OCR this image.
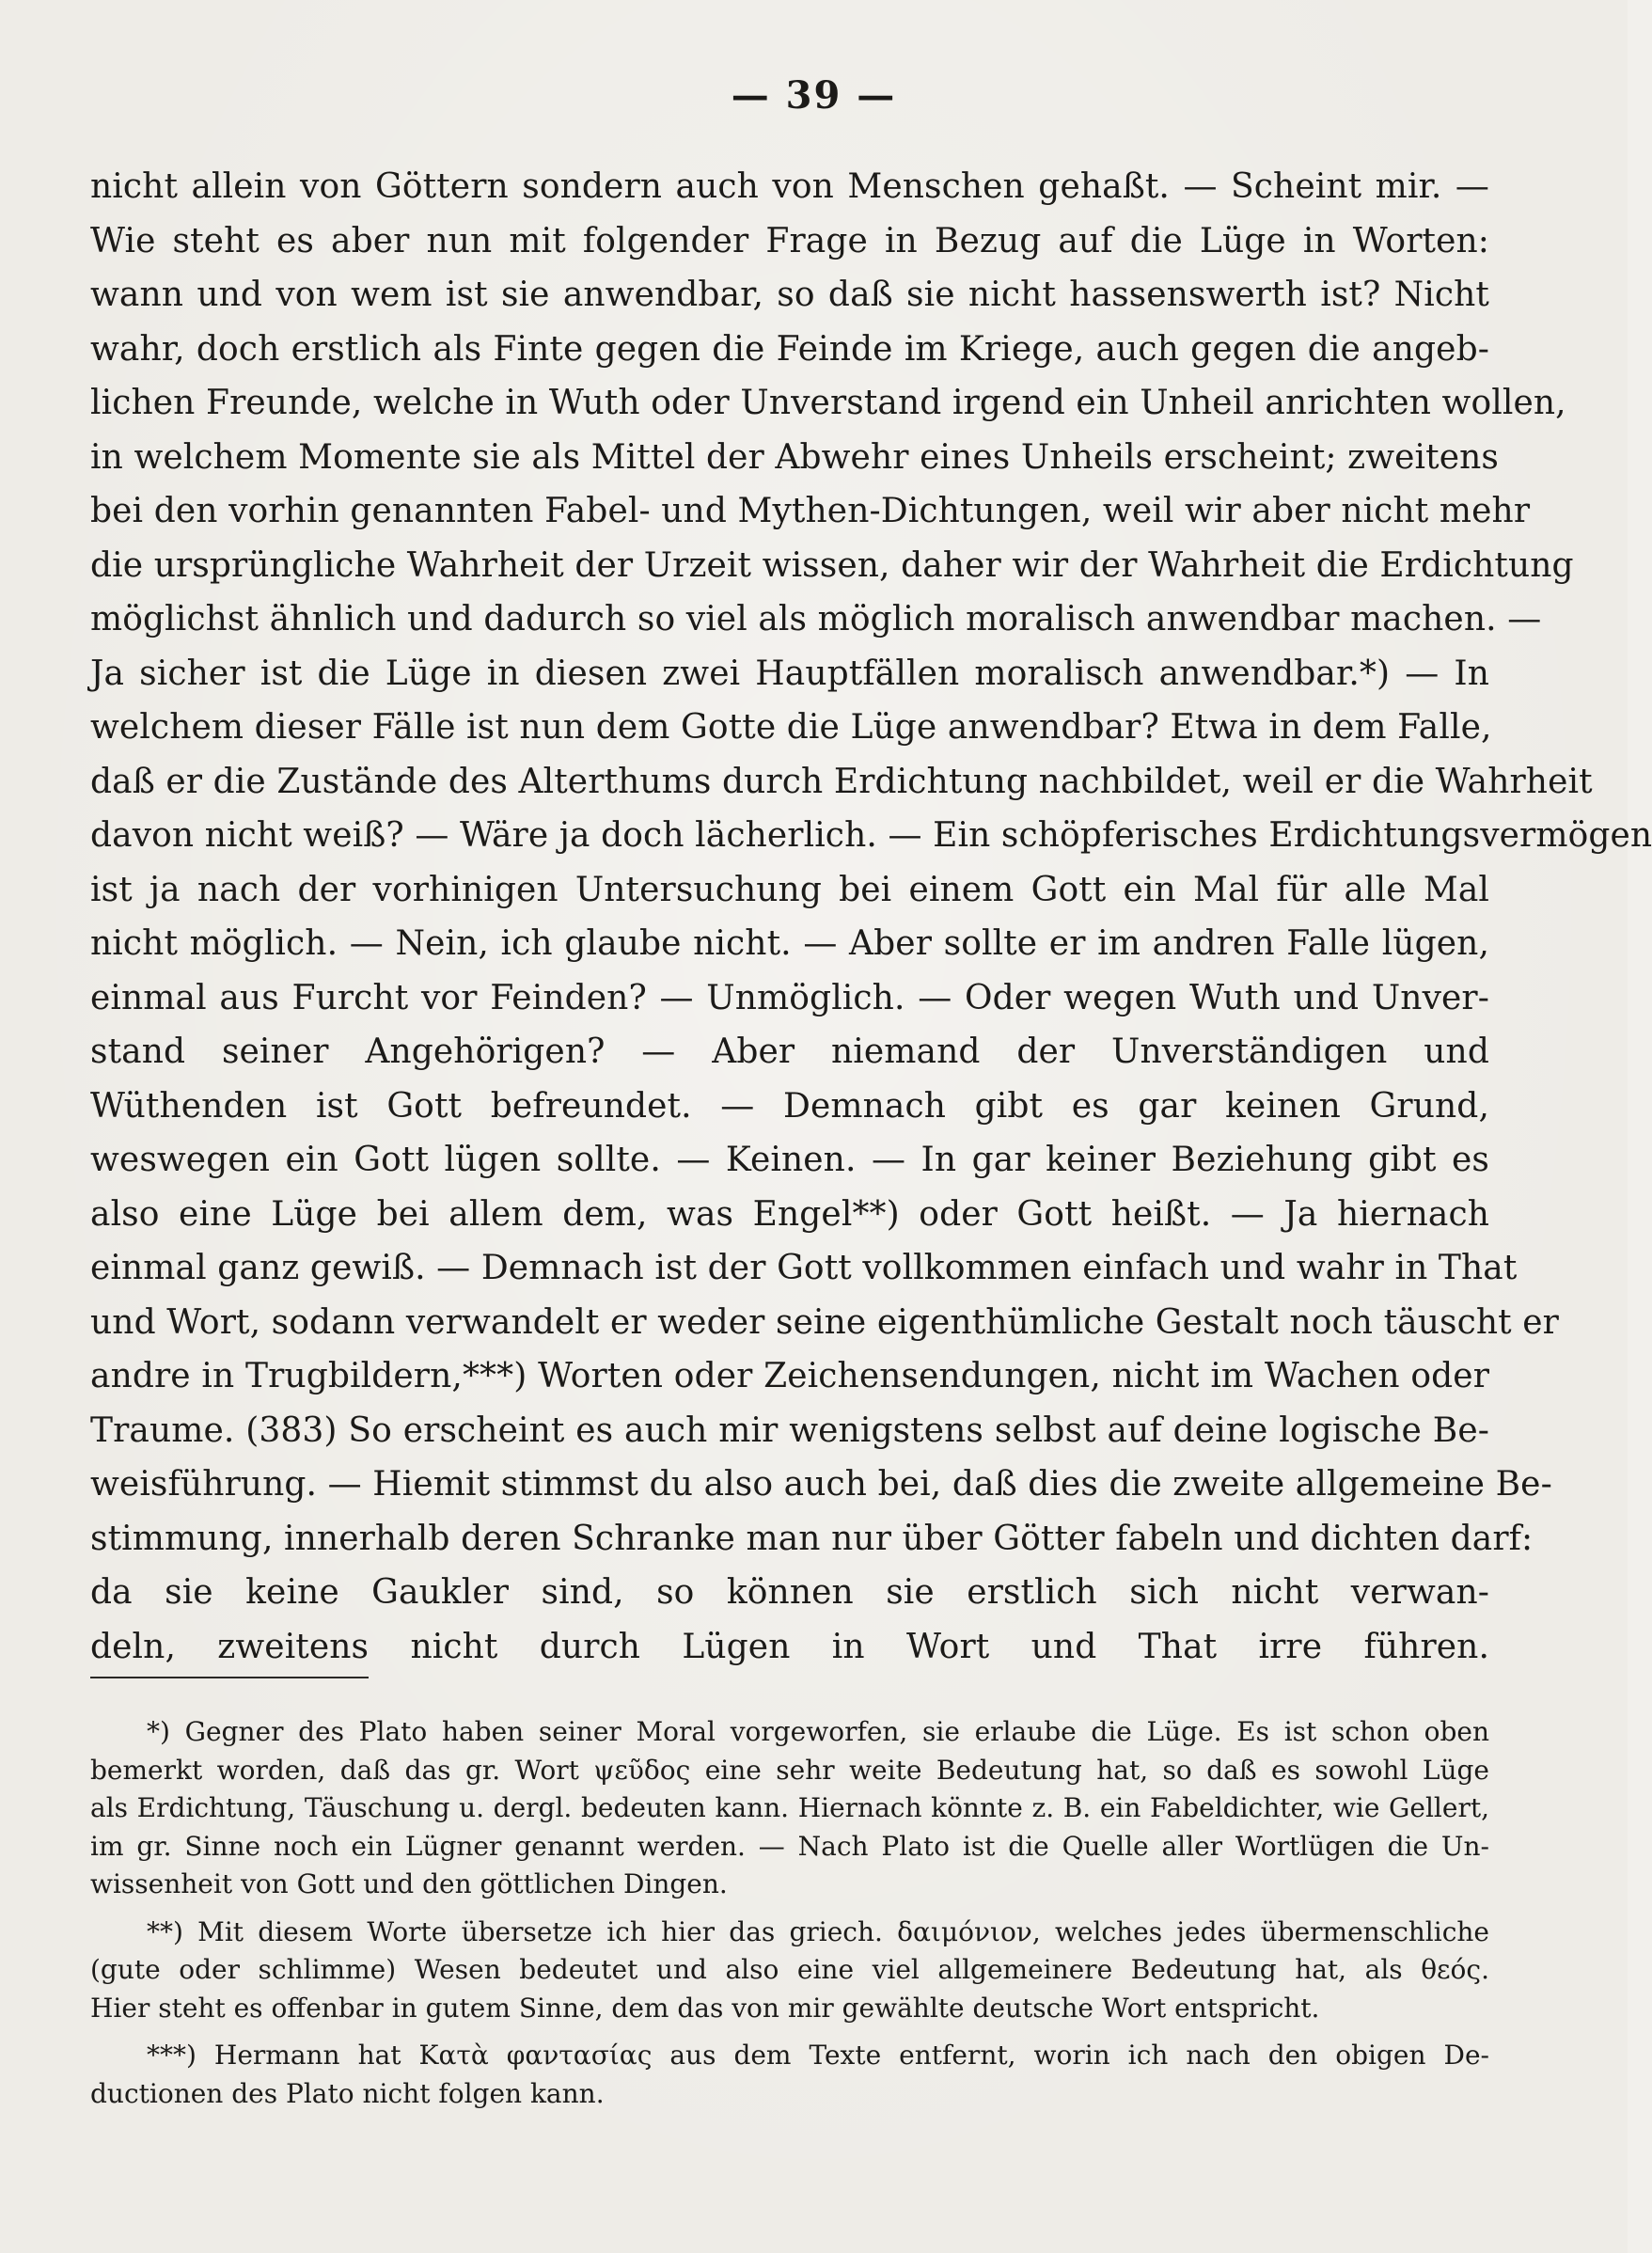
— 39 —
nicht allein von Göttern sondern auch von Menschen gehaßt. — Scheint mir. —
Wie steht es aber nun mit folgender Frage in Bezug auf die Lüge in Worten:
wann und von wem ist sie anwendbar, so daß sie nicht hassenswerth ist? Nicht
wahr, doch erstlich als Finte gegen die Feinde im Kriege, auch gegen die angeb-
lichen Freunde, welche in Wuth oder Unverstand irgend ein Unheil anrichten wollen,
in welchem Momente sie als Mittel der Abwehr eines Unheils erscheint; zweitens
bei den vorhin genannten Fabel- und Mythen-Dichtungen, weil wir aber nicht mehr
die ursprüngliche Wahrheit der Urzeit wissen, daher wir der Wahrheit die Erdichtung
möglichst ähnlich und dadurch so viel als möglich moralisch anwendbar machen. —
Ja sicher ist die Lüge in diesen zwei Hauptfällen moralisch anwendbar.*) — In
welchem dieser Fälle ist nun dem Gotte die Lüge anwendbar? Etwa in dem Falle,
daß er die Zustände des Alterthums durch Erdichtung nachbildet, weil er die Wahrheit
davon nicht weiß? — Wäre ja doch lächerlich. — Ein schöpferisches Erdichtungsvermögen
ist ja nach der vorhinigen Untersuchung bei einem Gott ein Mal für alle Mal
nicht möglich. — Nein, ich glaube nicht. — Aber sollte er im andren Falle lügen,
einmal aus Furcht vor Feinden? — Unmöglich. — Oder wegen Wuth und Unver-
stand seiner Angehörigen? — Aber niemand der Unverständigen und
Wüthenden ist Gott befreundet. — Demnach gibt es gar keinen Grund,
weswegen ein Gott lügen sollte. — Keinen. — In gar keiner Beziehung gibt es
also eine Lüge bei allem dem, was Engel**) oder Gott heißt. — Ja hiernach
einmal ganz gewiß. — Demnach ist der Gott vollkommen einfach und wahr in That
und Wort, sodann verwandelt er weder seine eigenthümliche Gestalt noch täuscht er
andre in Trugbildern,***) Worten oder Zeichensendungen, nicht im Wachen oder
Traume. (383) So erscheint es auch mir wenigstens selbst auf deine logische Be-
weisführung. — Hiemit stimmst du also auch bei, daß dies die zweite allgemeine Be-
stimmung, innerhalb deren Schranke man nur über Götter fabeln und dichten darf:
da sie keine Gaukler sind, so können sie erstlich sich nicht verwan-
deln, zweitens nicht durch Lügen in Wort und That irre führen.
*) Gegner des Plato haben seiner Moral vorgeworfen, sie erlaube die Lüge. Es ist schon oben
bemerkt worden, daß das gr. Wort ψεῦδος eine sehr weite Bedeutung hat, so daß es sowohl Lüge
als Erdichtung, Täuschung u. dergl. bedeuten kann. Hiernach könnte z. B. ein Fabeldichter, wie Gellert,
im gr. Sinne noch ein Lügner genannt werden. — Nach Plato ist die Quelle aller Wortlügen die Un-
wissenheit von Gott und den göttlichen Dingen.
**) Mit diesem Worte übersetze ich hier das griech. δαιμόνιον, welches jedes übermenschliche
(gute oder schlimme) Wesen bedeutet und also eine viel allgemeinere Bedeutung hat, als θεός.
Hier steht es offenbar in gutem Sinne, dem das von mir gewählte deutsche Wort entspricht.
***) Hermann hat Κατὰ φαντασίας aus dem Texte entfernt, worin ich nach den obigen De-
ductionen des Plato nicht folgen kann.
